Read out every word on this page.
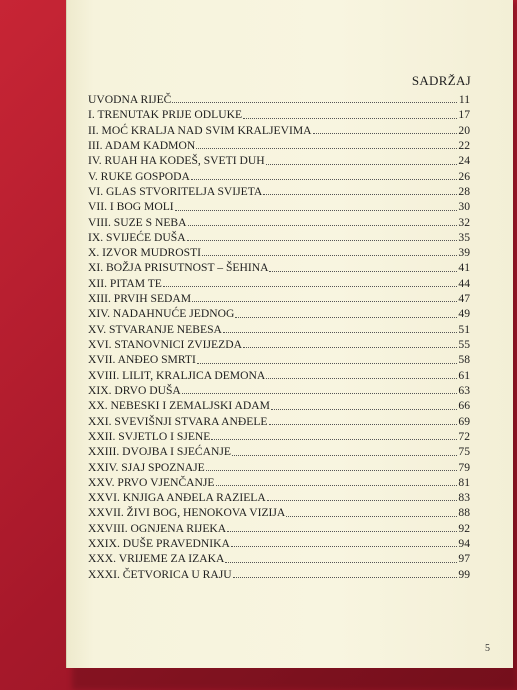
SADRŽAJ
UVODNA RIJEČ	11
I. TRENUTAK PRIJE ODLUKE	17
II. MOĆ KRALJA NAD SVIM KRALJEVIMA	20
III. ADAM KADMON	22
IV. RUAH HA KODEŠ, SVETI DUH	24
V. RUKE GOSPODA	26
VI. GLAS STVORITELJA SVIJETA	28
VII. I BOG MOLI	30
VIII. SUZE S NEBA	32
IX. SVIJEĆE DUŠA	35
X. IZVOR MUDROSTI	39
XI. BOŽJA PRISUTNOST – ŠEHINA	41
XII. PITAM TE	44
XIII. PRVIH SEDAM	47
XIV. NADAHNUĆE JEDNOG	49
XV. STVARANJE NEBESA	51
XVI. STANOVNICI ZVIJEZDA	55
XVII. ANĐEO SMRTI	58
XVIII. LILIT, KRALJICA DEMONA	61
XIX. DRVO DUŠA	63
XX. NEBESKI I ZEMALJSKI ADAM	66
XXI. SVEVIŠNJI STVARA ANĐELE	69
XXII. SVJETLO I SJENE	72
XXIII. DVOJBA I SJEĆANJE	75
XXIV. SJAJ SPOZNAJE	79
XXV. PRVO VJENČANJE	81
XXVI. KNJIGA ANĐELA RAZIELA	83
XXVII. ŽIVI BOG, HENOKOVA VIZIJA	88
XXVIII. OGNJENA RIJEKA	92
XXIX. DUŠE PRAVEDNIKA	94
XXX. VRIJEME ZA IZAKA	97
XXXI. ČETVORICA U RAJU	99
5
